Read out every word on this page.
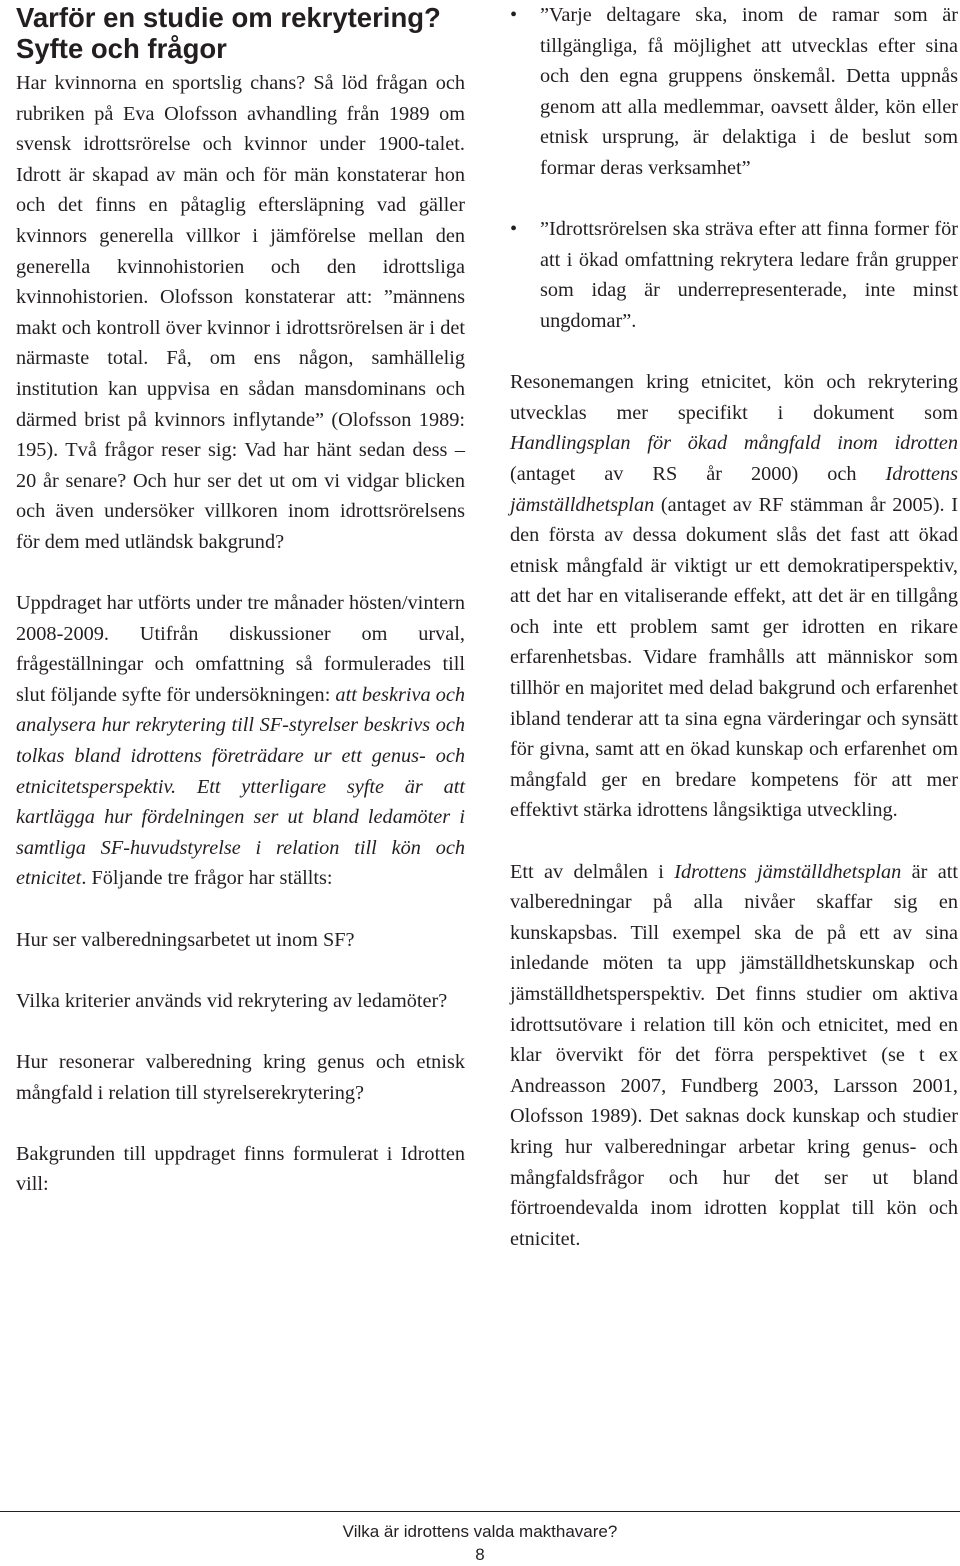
Varför en studie om rekrytering? Syfte och frågor

Har kvinnorna en sportslig chans? Så löd frågan och rubriken på Eva Olofsson avhandling från 1989 om svensk idrottsrörelse och kvinnor under 1900-talet. Idrott är skapad av män och för män konstaterar hon och det finns en påtaglig eftersläpning vad gäller kvinnors generella villkor i jämförelse mellan den generella kvinnohistorien och den idrottsliga kvinnohistorien. Olofsson konstaterar att: ”männens makt och kontroll över kvinnor i idrottsrörelsen är i det närmaste total. Få, om ens någon, samhällelig institution kan uppvisa en sådan mansdominans och därmed brist på kvinnors inflytande” (Olofsson 1989: 195). Två frågor reser sig: Vad har hänt sedan dess – 20 år senare? Och hur ser det ut om vi vidgar blicken och även undersöker villkoren inom idrottsrörelsens för dem med utländsk bakgrund?

Uppdraget har utförts under tre månader hösten/vintern 2008-2009. Utifrån diskussioner om urval, frågeställningar och omfattning så formulerades till slut följande syfte för undersökningen: att beskriva och analysera hur rekrytering till SF-styrelser beskrivs och tolkas bland idrottens företrädare ur ett genus- och etnicitetsperspektiv. Ett ytterligare syfte är att kartlägga hur fördelningen ser ut bland ledamöter i samtliga SF-huvudstyrelse i relation till kön och etnicitet. Följande tre frågor har ställts:

Hur ser valberedningsarbetet ut inom SF?

Vilka kriterier används vid rekrytering av ledamöter?

Hur resonerar valberedning kring genus och etnisk mångfald i relation till styrelserekrytering?

Bakgrunden till uppdraget finns formulerat i Idrotten vill:

• ”Varje deltagare ska, inom de ramar som är tillgängliga, få möjlighet att utvecklas efter sina och den egna gruppens önskemål. Detta uppnås genom att alla medlemmar, oavsett ålder, kön eller etnisk ursprung, är delaktiga i de beslut som formar deras verksamhet”

• ”Idrottsrörelsen ska sträva efter att finna former för att i ökad omfattning rekrytera ledare från grupper som idag är underrepresenterade, inte minst ungdomar”.

Resonemangen kring etnicitet, kön och rekrytering utvecklas mer specifikt i dokument som Handlingsplan för ökad mångfald inom idrotten (antaget av RS år 2000) och Idrottens jämställdhetsplan (antaget av RF stämman år 2005). I den första av dessa dokument slås det fast att ökad etnisk mångfald är viktigt ur ett demokratiperspektiv, att det har en vitaliserande effekt, att det är en tillgång och inte ett problem samt ger idrotten en rikare erfarenhetsbas. Vidare framhålls att människor som tillhör en majoritet med delad bakgrund och erfarenhet ibland tenderar att ta sina egna värderingar och synsätt för givna, samt att en ökad kunskap och erfarenhet om mångfald ger en bredare kompetens för att mer effektivt stärka idrottens långsiktiga utveckling.

Ett av delmålen i Idrottens jämställdhetsplan är att valberedningar på alla nivåer skaffar sig en kunskapsbas. Till exempel ska de på ett av sina inledande möten ta upp jämställdhetskunskap och jämställdhetsperspektiv. Det finns studier om aktiva idrottsutövare i relation till kön och etnicitet, med en klar övervikt för det förra perspektivet (se t ex Andreasson 2007, Fundberg 2003, Larsson 2001, Olofsson 1989). Det saknas dock kunskap och studier kring hur valberedningar arbetar kring genus- och mångfaldsfrågor och hur det ser ut bland förtroendevalda inom idrotten kopplat till kön och etnicitet.

Vilka är idrottens valda makthavare?
8
